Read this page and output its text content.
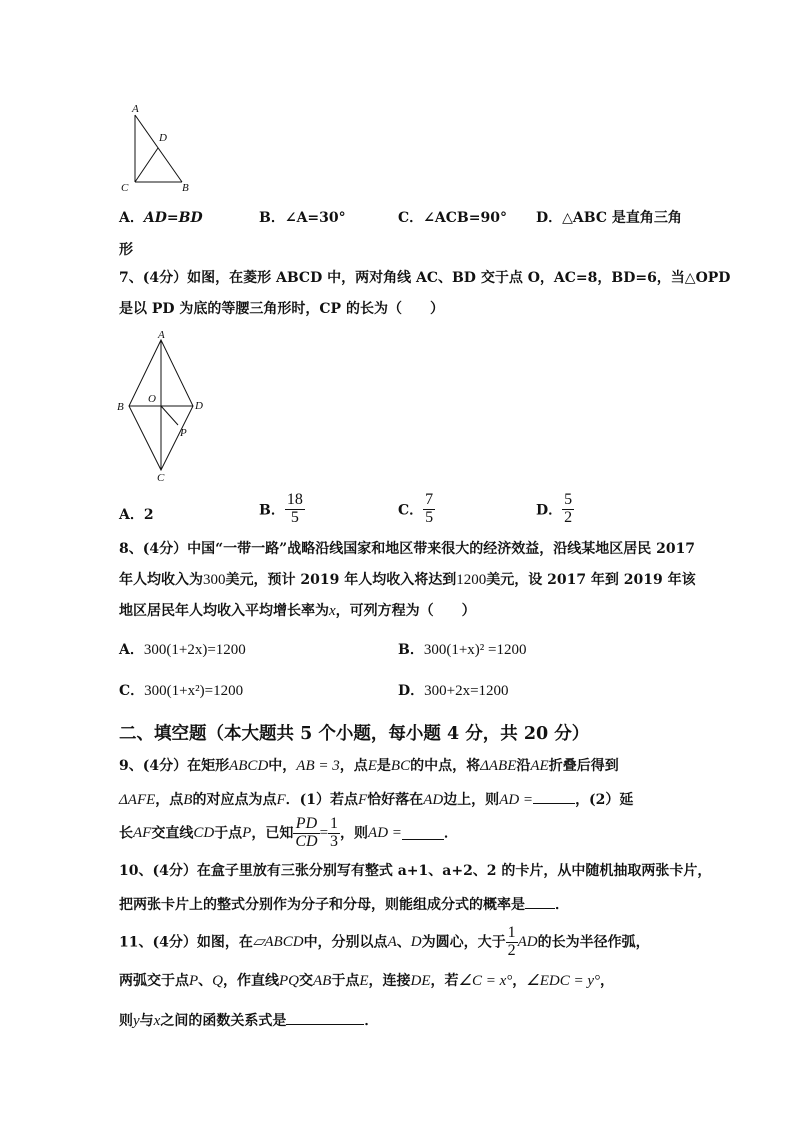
A
D
C	B
A．AD=BD	B．∠A=30°	C．∠ACB=90° D．△ABC 是直角三角
形
7、(4分）如图，在菱形 ABCD 中，两对角线 AC、BD 交于点 O，AC=8，BD=6，当△OPD
是以 PD 为底的等腰三角形时，CP 的长为（　　）
A
B
O
D
P
C
A．2	B． $\frac{18}{5}$	C． $\frac{7}{5}$	D． $\frac{5}{2}$
8、(4分）中国“一带一路”战略沿线国家和地区带来很大的经济效益，沿线某地区居民 2017
年人均收入为300美元，预计 2019 年人均收入将达到1200美元，设 2017 年到 2019 年该
地区居民年人均收入平均增长率为x，可列方程为（　　）
A．300(1+2x)=1200	B．300(1+x)² =1200
C．300(1+x²)=1200	D．300+2x=1200
二、填空题（本大题共 5 个小题，每小题 4 分，共 20 分）
9、(4分）在矩形ABCD中，AB = 3，点E是BC的中点，将ΔABE沿AE折叠后得到
ΔAFE，点B的对应点为点F．(1）若点F恰好落在AD边上，则AD =	，(2）延
长AF交直线CD于点P，已知 $\frac{PD}{CD} = \frac{1}{3}$ ，则AD =	．
10、(4分）在盒子里放有三张分别写有整式 a+1、a+2、2 的卡片，从中随机抽取两张卡片，
把两张卡片上的整式分别作为分子和分母，则能组成分式的概率是 ．
11、(4分）如图，在▱ABCD中，分别以点A、D为圆心，大于 $\frac{1}{2}$ AD的长为半径作弧，
两弧交于点P、Q，作直线PQ交AB于点E，连接DE，若∠C = x°，∠EDC = y°，
则y与x之间的函数关系式是	．
